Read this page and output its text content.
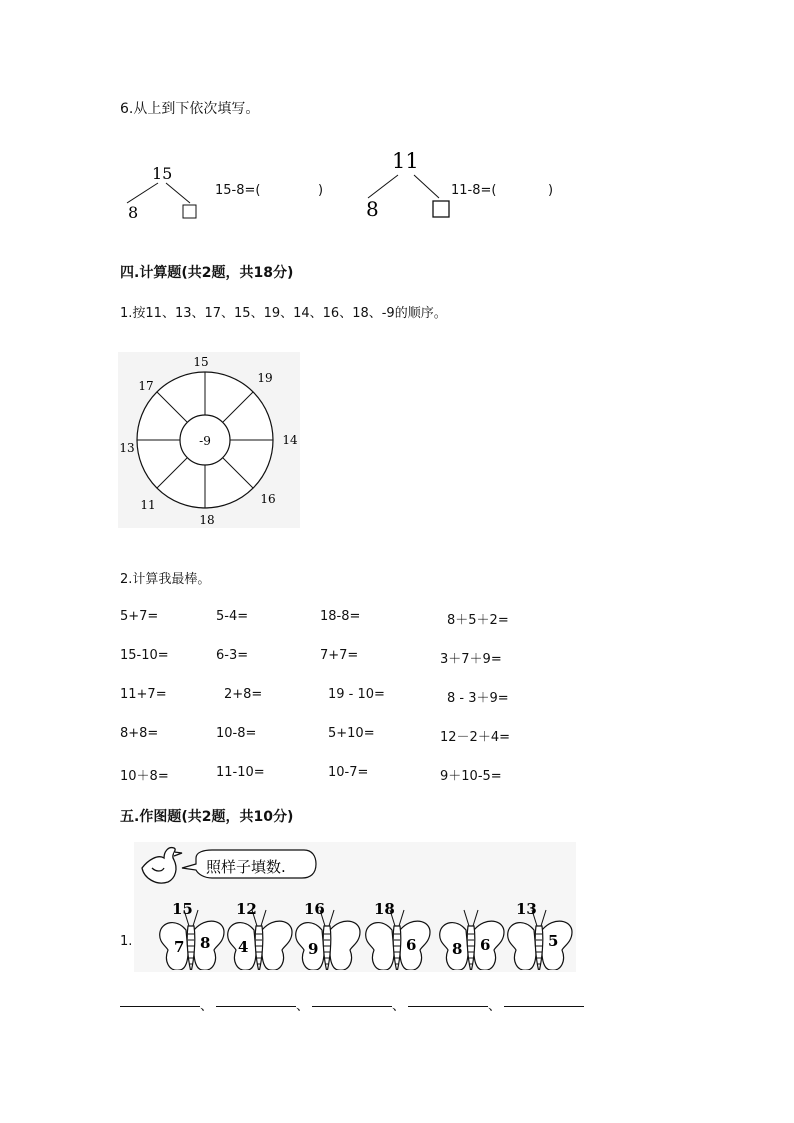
6.从上到下依次填写。
15
8
11
8
15-8=(	)	11-8=(	)
四.计算题(共2题，共18分)
1.按11、13、17、15、19、14、16、18、-9的顺序。
-9
15
19
14
16
18
11
13
17
2.计算我最棒。
5+7=	5-4=	18-8=	8＋5＋2=
15-10=	6-3=	7+7=	3＋7＋9=
11+7=	2+8=	19 - 10=	8 - 3＋9=
8+8=	10-8=	5+10=	12－2＋4=
10＋8=	11-10=	10-7=	9＋10-5=
五.作图题(共2题，共10分)
1.
照样子填数.
15
7 8
12
4
16
9
18
6 8 6
13
5
、	、	、	、
